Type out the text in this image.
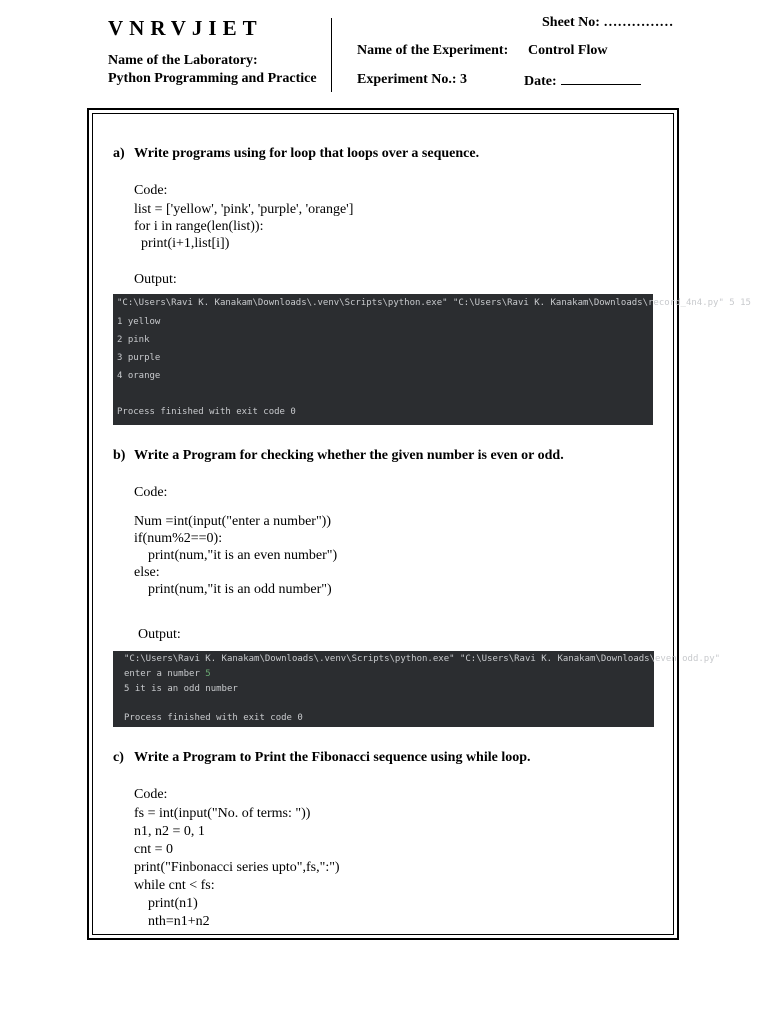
VNRVJIET
Name of the Laboratory:
Python Programming and Practice
Sheet No: ……………
Name of the Experiment: Control Flow
Experiment No.: 3	Date:
a) Write programs using for loop that loops over a sequence.
Code:
list = ['yellow', 'pink', 'purple', 'orange']
for i in range(len(list)):
print(i+1,list[i])
Output:

"C:\Users\Ravi K. Kanakam\Downloads\.venv\Scripts\python.exe" "C:\Users\Ravi K. Kanakam\Downloads\record_4n4.py" 5 15

1 yellow

2 pink

3 purple

4 orange

Process finished with exit code 0

b) Write a Program for checking whether the given number is even or odd.
Code:
Num =int(input("enter a number"))
if(num%2==0):
print(num,"it is an even number")
else:
print(num,"it is an odd number")
Output:

"C:\Users\Ravi K. Kanakam\Downloads\.venv\Scripts\python.exe" "C:\Users\Ravi K. Kanakam\Downloads\even odd.py"

enter a number 5

5 it is an odd number

Process finished with exit code 0

c) Write a Program to Print the Fibonacci sequence using while loop.
Code:
fs = int(input("No. of terms: "))
n1, n2 = 0, 1
cnt = 0
print("Finbonacci series upto",fs,":")
while cnt < fs:
print(n1)
nth=n1+n2
